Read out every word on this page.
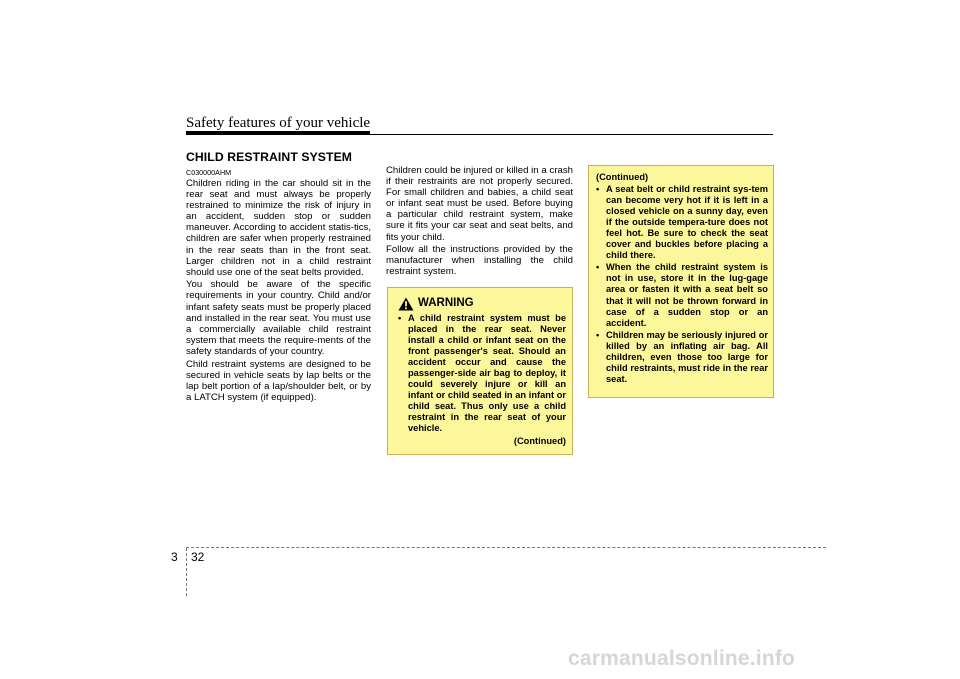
Safety features of your vehicle
CHILD RESTRAINT SYSTEM
C030000AHM

Children riding in the car should sit in the rear seat and must always be properly restrained to minimize the risk of injury in an accident, sudden stop or sudden maneuver. According to accident statis-tics, children are safer when properly restrained in the rear seats than in the front seat. Larger children not in a child restraint should use one of the seat belts provided.

You should be aware of the specific requirements in your country. Child and/or infant safety seats must be properly placed and installed in the rear seat. You must use a commercially available child restraint system that meets the require-ments of the safety standards of your country.

Child restraint systems are designed to be secured in vehicle seats by lap belts or the lap belt portion of a lap/shoulder belt, or by a LATCH system (if equipped).

Children could be injured or killed in a crash if their restraints are not properly secured. For small children and babies, a child seat or infant seat must be used. Before buying a particular child restraint system, make sure it fits your car seat and seat belts, and fits your child.

Follow all the instructions provided by the manufacturer when installing the child restraint system.

WARNING
• A child restraint system must be placed in the rear seat. Never install a child or infant seat on the front passenger's seat. Should an accident occur and cause the passenger-side air bag to deploy, it could severely injure or kill an infant or child seated in an infant or child seat. Thus only use a child restraint in the rear seat of your vehicle.
(Continued)
(Continued)
• A seat belt or child restraint sys-tem can become very hot if it is left in a closed vehicle on a sunny day, even if the outside tempera-ture does not feel hot. Be sure to check the seat cover and buckles before placing a child there.
• When the child restraint system is not in use, store it in the lug-gage area or fasten it with a seat belt so that it will not be thrown forward in case of a sudden stop or an accident.
• Children may be seriously injured or killed by an inflating air bag. All children, even those too large for child restraints, must ride in the rear seat.
3 32
carmanualsonline.info
